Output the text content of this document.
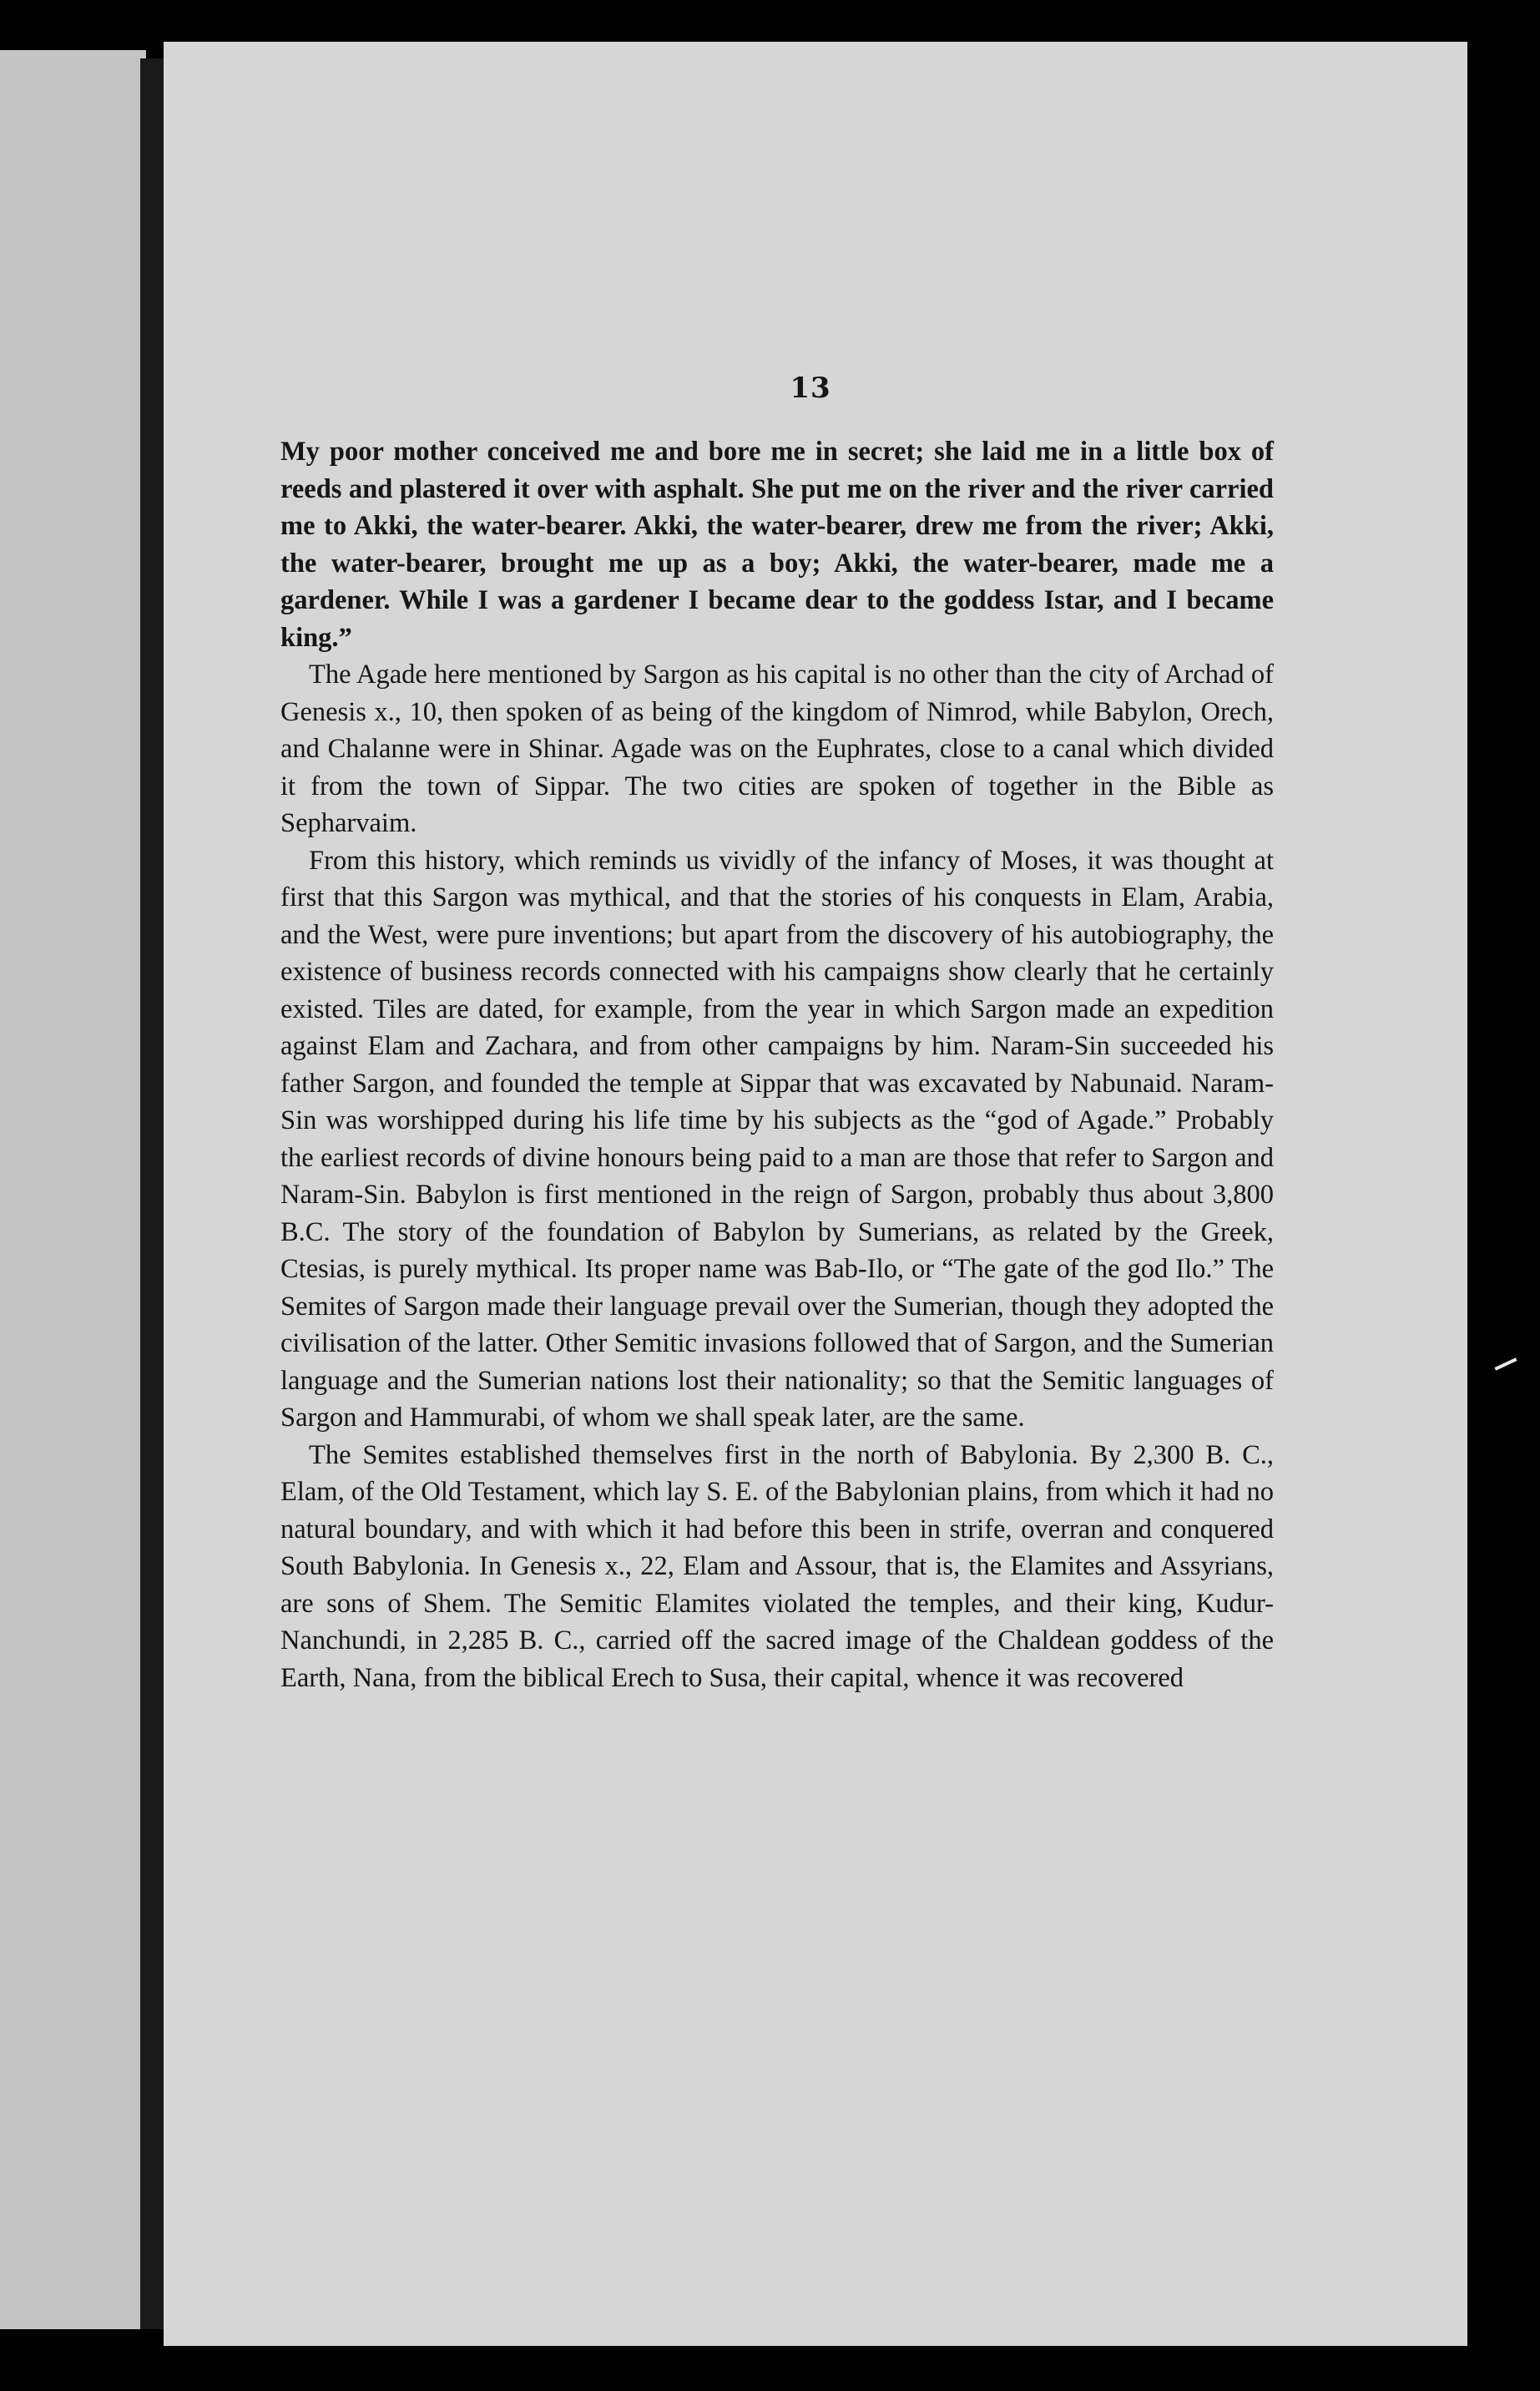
13

My poor mother conceived me and bore me in secret; she laid me in a little box of reeds and plastered it over with asphalt. She put me on the river and the river carried me to Akki, the water-bearer. Akki, the water-bearer, drew me from the river; Akki, the water-bearer, brought me up as a boy; Akki, the water-bearer, made me a gardener. While I was a gardener I became dear to the goddess Istar, and I became king.”

The Agade here mentioned by Sargon as his capital is no other than the city of Archad of Genesis x., 10, then spoken of as being of the kingdom of Nimrod, while Babylon, Orech, and Chalanne were in Shinar. Agade was on the Euphrates, close to a canal which divided it from the town of Sippar. The two cities are spoken of together in the Bible as Sepharvaim.

From this history, which reminds us vividly of the infancy of Moses, it was thought at first that this Sargon was mythical, and that the stories of his conquests in Elam, Arabia, and the West, were pure inventions; but apart from the discovery of his autobiography, the existence of business records connected with his campaigns show clearly that he certainly existed. Tiles are dated, for example, from the year in which Sargon made an expedition against Elam and Zachara, and from other campaigns by him. Naram-Sin succeeded his father Sargon, and founded the temple at Sippar that was excavated by Nabunaid. Naram-Sin was worshipped during his life time by his subjects as the “god of Agade.” Probably the earliest records of divine honours being paid to a man are those that refer to Sargon and Naram-Sin. Babylon is first mentioned in the reign of Sargon, probably thus about 3,800 B.C. The story of the foundation of Babylon by Sumerians, as related by the Greek, Ctesias, is purely mythical. Its proper name was Bab-Ilo, or “The gate of the god Ilo.” The Semites of Sargon made their language prevail over the Sumerian, though they adopted the civilisation of the latter. Other Semitic invasions followed that of Sargon, and the Sumerian language and the Sumerian nations lost their nationality; so that the Semitic languages of Sargon and Hammurabi, of whom we shall speak later, are the same.

The Semites established themselves first in the north of Babylonia. By 2,300 B. C., Elam, of the Old Testament, which lay S. E. of the Babylonian plains, from which it had no natural boundary, and with which it had before this been in strife, overran and conquered South Babylonia. In Genesis x., 22, Elam and Assour, that is, the Elamites and Assyrians, are sons of Shem. The Semitic Elamites violated the temples, and their king, Kudur-Nanchundi, in 2,285 B. C., carried off the sacred image of the Chaldean goddess of the Earth, Nana, from the biblical Erech to Susa, their capital, whence it was recovered
